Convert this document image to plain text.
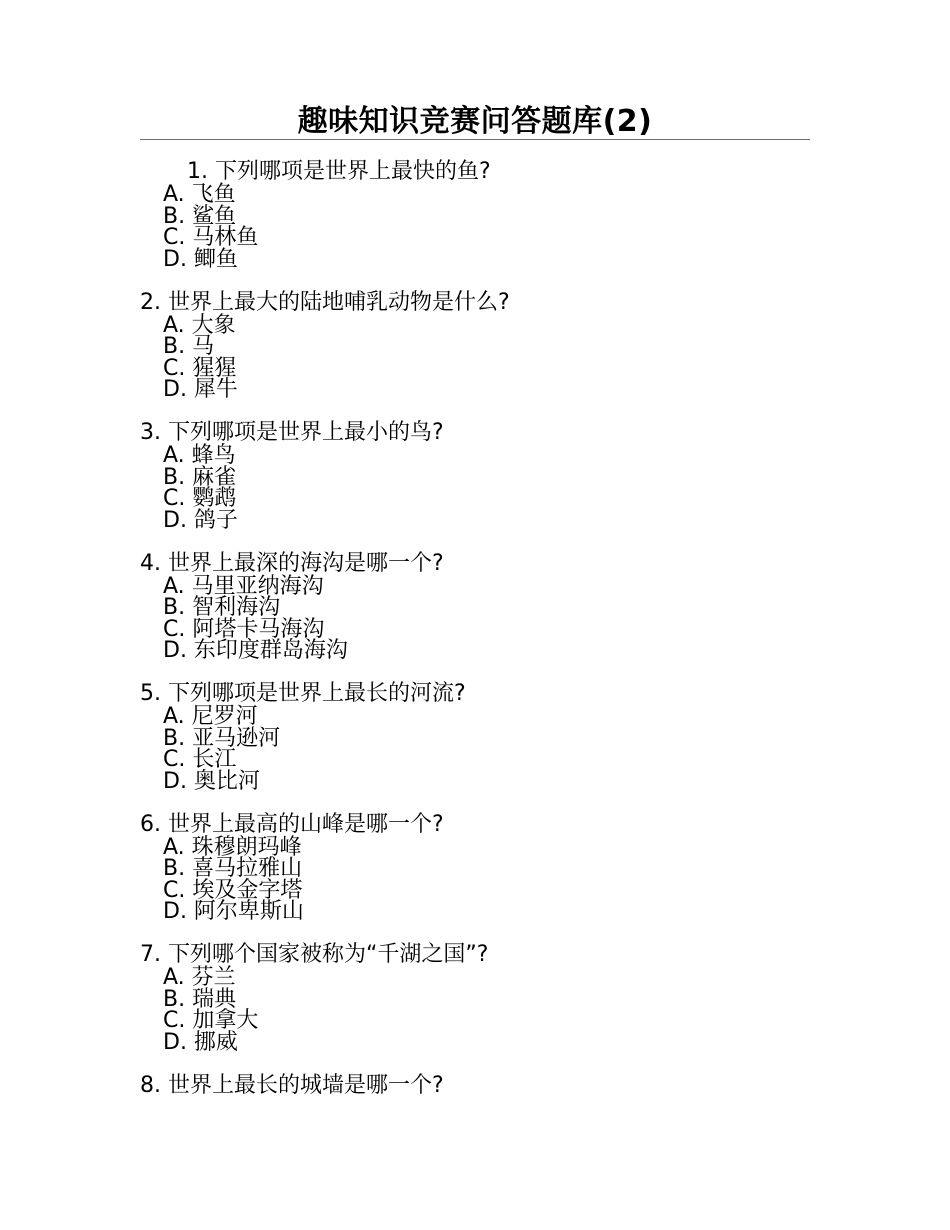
趣味知识竞赛问答题库(2)
1. 下列哪项是世界上最快的鱼?
A. 飞鱼
B. 鲨鱼
C. 马林鱼
D. 鲫鱼
2. 世界上最大的陆地哺乳动物是什么?
A. 大象
B. 马
C. 猩猩
D. 犀牛
3. 下列哪项是世界上最小的鸟?
A. 蜂鸟
B. 麻雀
C. 鹦鹉
D. 鸽子
4. 世界上最深的海沟是哪一个?
A. 马里亚纳海沟
B. 智利海沟
C. 阿塔卡马海沟
D. 东印度群岛海沟
5. 下列哪项是世界上最长的河流?
A. 尼罗河
B. 亚马逊河
C. 长江
D. 奥比河
6. 世界上最高的山峰是哪一个?
A. 珠穆朗玛峰
B. 喜马拉雅山
C. 埃及金字塔
D. 阿尔卑斯山
7. 下列哪个国家被称为“千湖之国”?
A. 芬兰
B. 瑞典
C. 加拿大
D. 挪威
8. 世界上最长的城墙是哪一个?
